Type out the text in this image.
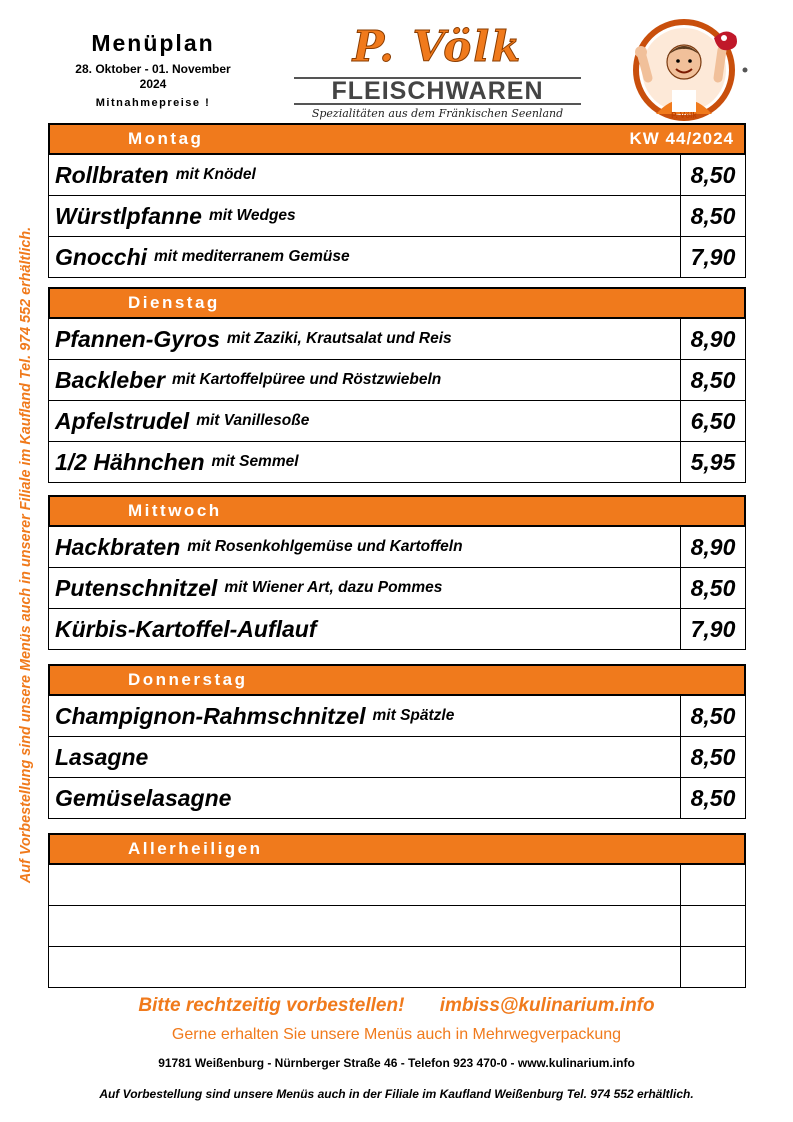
Menüplan
28. Oktober - 01. November
2024
Mitnahmepreise !
P. Völk
FLEISCHWAREN
Spezialitäten aus dem Fränkischen Seenland	P. Völk
Auf Vorbestellung sind unsere Menüs auch in unserer Filiale im Kaufland Tel. 974 552 erhältlich.
Montag	KW 44/2024
Rollbraten mit Knödel	8,50
Würstlpfanne mit Wedges	8,50
Gnocchi mit mediterranem Gemüse	7,90
Dienstag
Pfannen-Gyros mit Zaziki, Krautsalat und Reis	8,90
Backleber mit Kartoffelpüree und Röstzwiebeln	8,50
Apfelstrudel mit Vanillesoße	6,50
1/2 Hähnchen mit Semmel	5,95
Mittwoch
Hackbraten mit Rosenkohlgemüse und Kartoffeln	8,90
Putenschnitzel mit Wiener Art, dazu Pommes	8,50
Kürbis-Kartoffel-Auflauf	7,90
Donnerstag
Champignon-Rahmschnitzel mit Spätzle	8,50
Lasagne	8,50
Gemüselasagne	8,50
Allerheiligen
Bitte rechtzeitig vorbestellen! imbiss@kulinarium.info
Gerne erhalten Sie unsere Menüs auch in Mehrwegverpackung
91781 Weißenburg - Nürnberger Straße 46 - Telefon 923 470-0 - www.kulinarium.info
Auf Vorbestellung sind unsere Menüs auch in der Filiale im Kaufland Weißenburg Tel. 974 552 erhältlich.
